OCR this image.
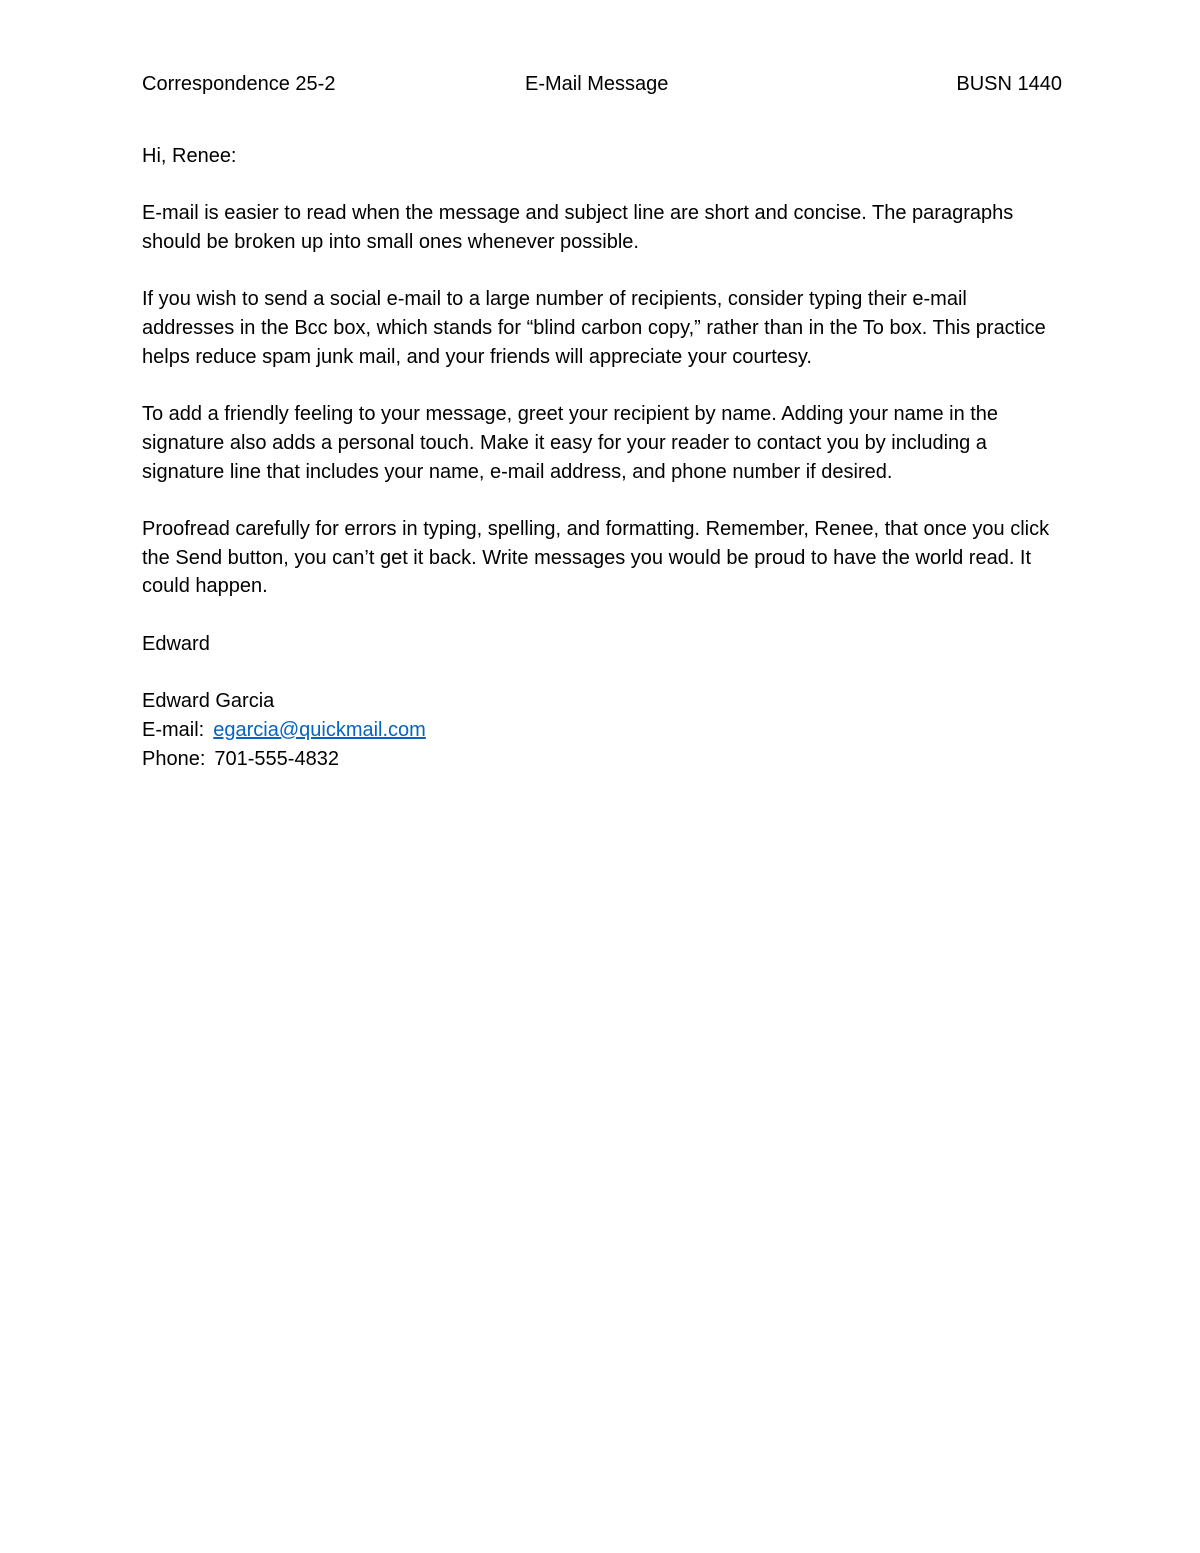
Correspondence 25-2	E-Mail Message	BUSN 1440

Hi, Renee:

E-mail is easier to read when the message and subject line are short and concise. The paragraphs should be broken up into small ones whenever possible.

If you wish to send a social e-mail to a large number of recipients, consider typing their e-mail addresses in the Bcc box, which stands for “blind carbon copy,” rather than in the To box. This practice helps reduce spam junk mail, and your friends will appreciate your courtesy.

To add a friendly feeling to your message, greet your recipient by name. Adding your name in the signature also adds a personal touch. Make it easy for your reader to contact you by including a signature line that includes your name, e-mail address, and phone number if desired.

Proofread carefully for errors in typing, spelling, and formatting. Remember, Renee, that once you click the Send button, you can’t get it back. Write messages you would be proud to have the world read. It could happen.

Edward

Edward Garcia
E-mail: egarcia@quickmail.com
Phone: 701-555-4832
